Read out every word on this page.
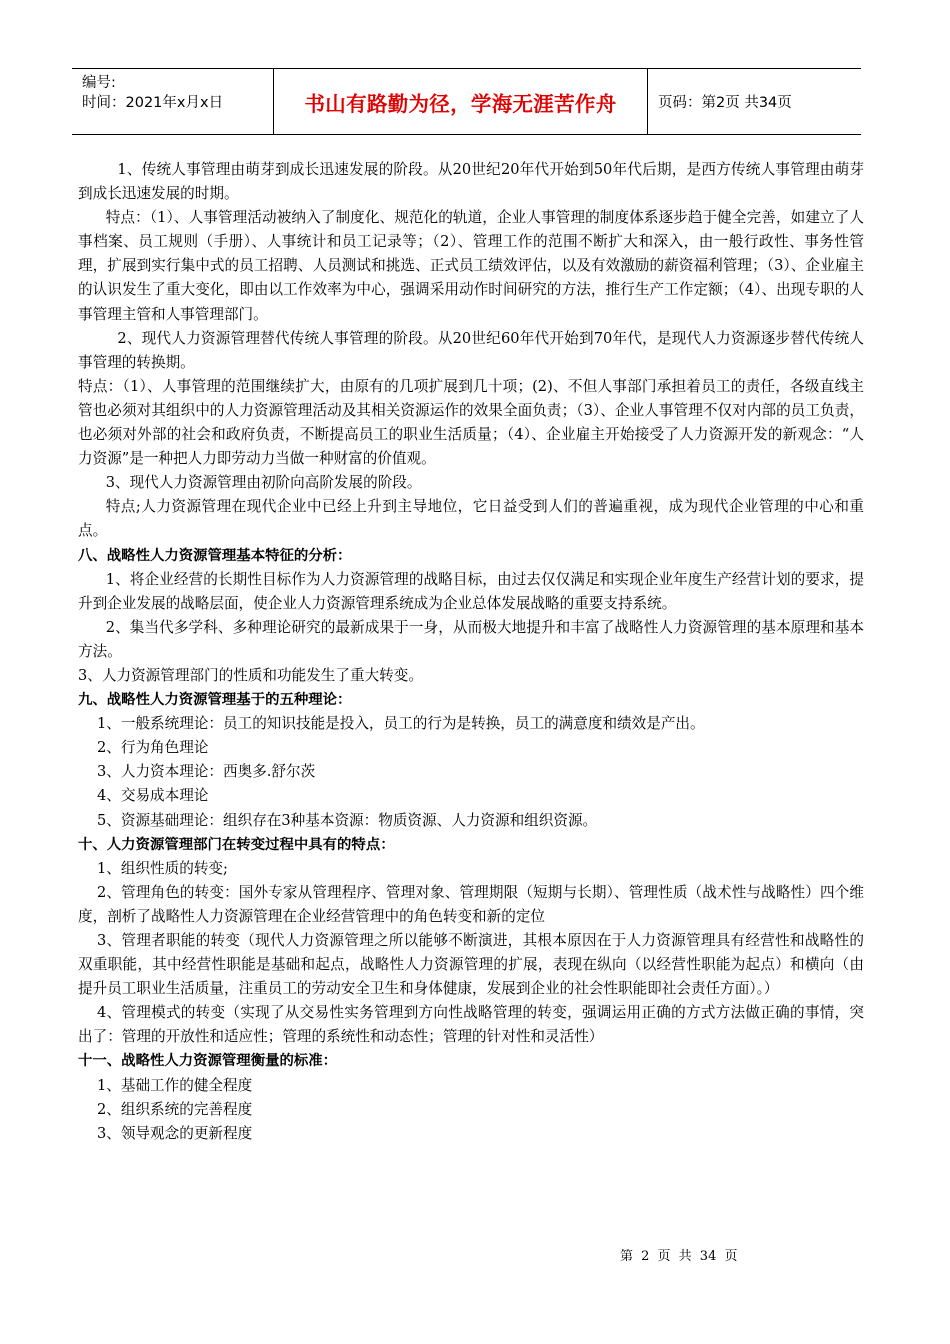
编号:
时间：2021年x月x日	书山有路勤为径，学海无涯苦作舟	页码：第2页 共34页

1、传统人事管理由萌芽到成长迅速发展的阶段。从20世纪20年代开始到50年代后期，是西方传统人事管理由萌芽到成长迅速发展的时期。

特点：（1）、人事管理活动被纳入了制度化、规范化的轨道，企业人事管理的制度体系逐步趋于健全完善，如建立了人事档案、员工规则（手册）、人事统计和员工记录等；（2）、管理工作的范围不断扩大和深入，由一般行政性、事务性管理，扩展到实行集中式的员工招聘、人员测试和挑选、正式员工绩效评估，以及有效激励的薪资福利管理；（3）、企业雇主的认识发生了重大变化，即由以工作效率为中心，强调采用动作时间研究的方法，推行生产工作定额；（4）、出现专职的人事管理主管和人事管理部门。

2、现代人力资源管理替代传统人事管理的阶段。从20世纪60年代开始到70年代，是现代人力资源逐步替代传统人事管理的转换期。

特点：（1）、人事管理的范围继续扩大，由原有的几项扩展到几十项；(2)、不但人事部门承担着员工的责任，各级直线主管也必须对其组织中的人力资源管理活动及其相关资源运作的效果全面负责；（3）、企业人事管理不仅对内部的员工负责，也必须对外部的社会和政府负责，不断提高员工的职业生活质量；（4）、企业雇主开始接受了人力资源开发的新观念：“人力资源”是一种把人力即劳动力当做一种财富的价值观。

3、现代人力资源管理由初阶向高阶发展的阶段。

特点;人力资源管理在现代企业中已经上升到主导地位，它日益受到人们的普遍重视，成为现代企业管理的中心和重点。

八、战略性人力资源管理基本特征的分析：

1、将企业经营的长期性目标作为人力资源管理的战略目标，由过去仅仅满足和实现企业年度生产经营计划的要求，提升到企业发展的战略层面，使企业人力资源管理系统成为企业总体发展战略的重要支持系统。

2、集当代多学科、多种理论研究的最新成果于一身，从而极大地提升和丰富了战略性人力资源管理的基本原理和基本方法。

3、人力资源管理部门的性质和功能发生了重大转变。

九、战略性人力资源管理基于的五种理论：

1、一般系统理论：员工的知识技能是投入，员工的行为是转换，员工的满意度和绩效是产出。

2、行为角色理论

3、人力资本理论：西奥多.舒尔茨

4、交易成本理论

5、资源基础理论：组织存在3种基本资源：物质资源、人力资源和组织资源。

十、人力资源管理部门在转变过程中具有的特点：

1、组织性质的转变;

2、管理角色的转变：国外专家从管理程序、管理对象、管理期限（短期与长期）、管理性质（战术性与战略性）四个维度，剖析了战略性人力资源管理在企业经营管理中的角色转变和新的定位

3、管理者职能的转变（现代人力资源管理之所以能够不断演进，其根本原因在于人力资源管理具有经营性和战略性的双重职能，其中经营性职能是基础和起点，战略性人力资源管理的扩展，表现在纵向（以经营性职能为起点）和横向（由提升员工职业生活质量，注重员工的劳动安全卫生和身体健康，发展到企业的社会性职能即社会责任方面）。）

4、管理模式的转变（实现了从交易性实务管理到方向性战略管理的转变，强调运用正确的方式方法做正确的事情，突出了：管理的开放性和适应性；管理的系统性和动态性；管理的针对性和灵活性）

十一、战略性人力资源管理衡量的标准：

1、基础工作的健全程度

2、组织系统的完善程度

3、领导观念的更新程度

第 2 页 共 34 页
